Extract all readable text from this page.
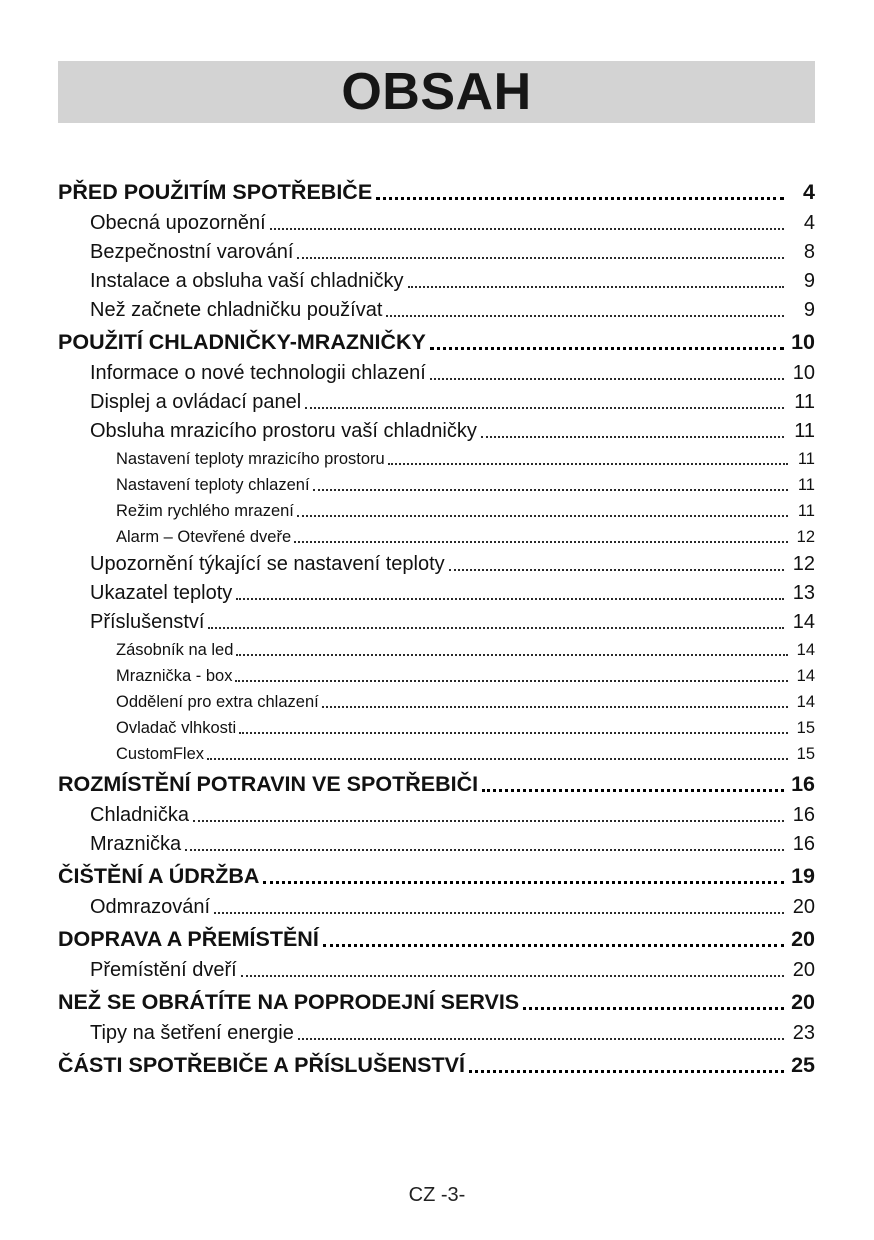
OBSAH
PŘED POUŽITÍM SPOTŘEBIČE	4
Obecná upozornění	4
Bezpečnostní varování	8
Instalace a obsluha vaší chladničky	9
Než začnete chladničku používat	9
POUŽITÍ CHLADNIČKY-MRAZNIČKY	10
Informace o nové technologii chlazení	10
Displej a ovládací panel	11
Obsluha mrazicího prostoru vaší chladničky	11
Nastavení teploty mrazicího prostoru	11
Nastavení teploty chlazení	11
Režim rychlého mrazení	11
Alarm – Otevřené dveře	12
Upozornění týkající se nastavení teploty	12
Ukazatel teploty	13
Příslušenství	14
Zásobník na led	14
Mraznička - box	14
Oddělení pro extra chlazení	14
Ovladač vlhkosti	15
CustomFlex	15
ROZMÍSTĚNÍ POTRAVIN VE SPOTŘEBIČI	16
Chladnička	16
Mraznička	16
ČIŠTĚNÍ A ÚDRŽBA	19
Odmrazování	20
DOPRAVA A PŘEMÍSTĚNÍ	20
Přemístění dveří	20
NEŽ SE OBRÁTÍTE NA POPRODEJNÍ SERVIS	20
Tipy na šetření energie	23
ČÁSTI SPOTŘEBIČE A PŘÍSLUŠENSTVÍ	25
CZ -3-
